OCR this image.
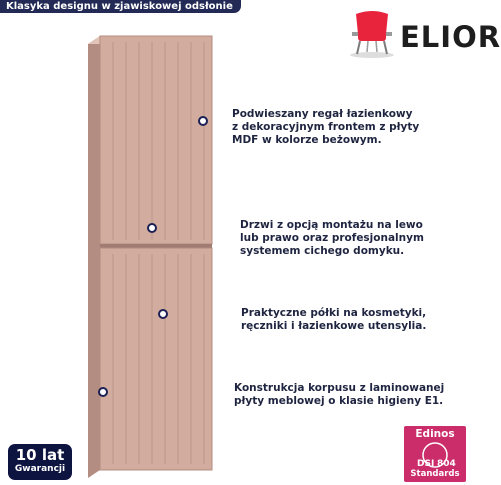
Klasyka designu w zjawiskowej odsłonie
ELIOR
Podwieszany regał łazienkowy
z dekoracyjnym frontem z płyty
MDF w kolorze beżowym.
Drzwi z opcją montażu na lewo
lub prawo oraz profesjonalnym
systemem cichego domyku.
Praktyczne półki na kosmetyki,
ręczniki i łazienkowe utensylia.
Konstrukcja korpusu z laminowanej
płyty meblowej o klasie higieny E1.
10 lat
Gwarancji
Edinos
DSI 804
Standards
